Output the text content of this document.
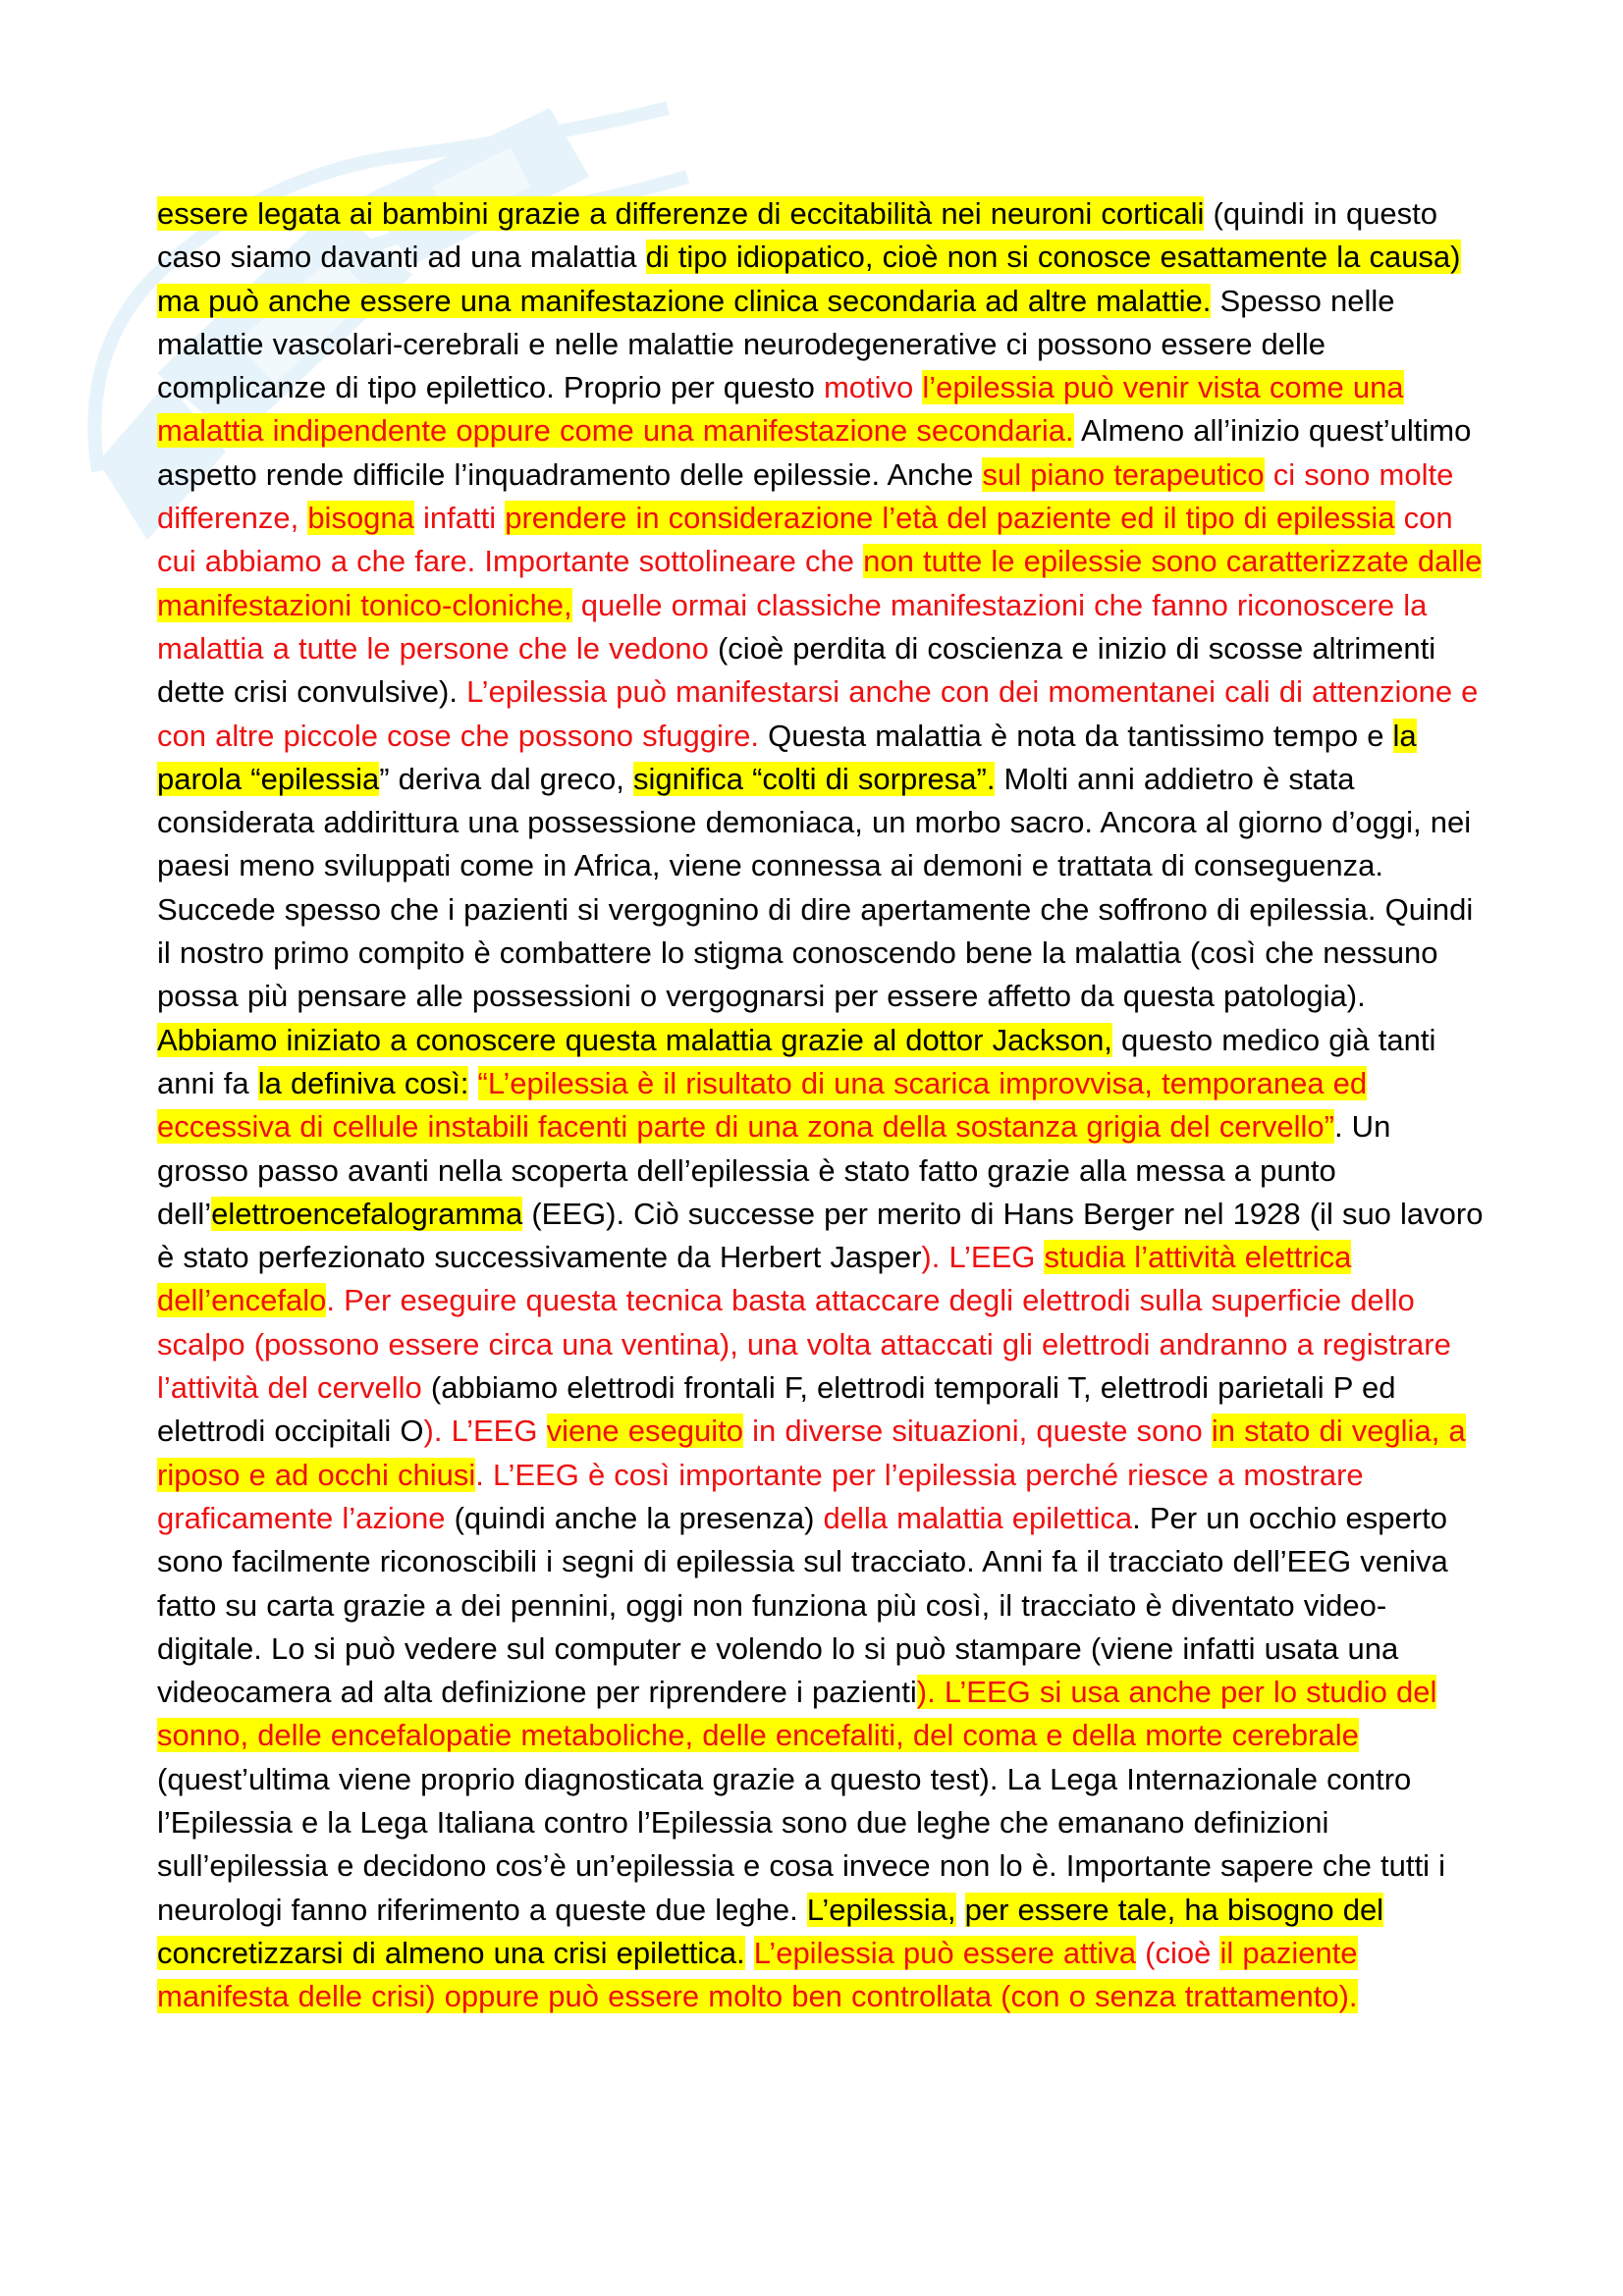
essere legata ai bambini grazie a differenze di eccitabilità nei neuroni corticali (quindi in questo caso siamo davanti ad una malattia di tipo idiopatico, cioè non si conosce esattamente la causa) ma può anche essere una manifestazione clinica secondaria ad altre malattie. Spesso nelle malattie vascolari-cerebrali e nelle malattie neurodegenerative ci possono essere delle complicanze di tipo epilettico. Proprio per questo motivo l’epilessia può venir vista come una malattia indipendente oppure come una manifestazione secondaria. Almeno all’inizio quest’ultimo aspetto rende difficile l’inquadramento delle epilessie. Anche sul piano terapeutico ci sono molte differenze, bisogna infatti prendere in considerazione l’età del paziente ed il tipo di epilessia con cui abbiamo a che fare. Importante sottolineare che non tutte le epilessie sono caratterizzate dalle manifestazioni tonico-cloniche, quelle ormai classiche manifestazioni che fanno riconoscere la malattia a tutte le persone che le vedono (cioè perdita di coscienza e inizio di scosse altrimenti dette crisi convulsive). L’epilessia può manifestarsi anche con dei momentanei cali di attenzione e con altre piccole cose che possono sfuggire. Questa malattia è nota da tantissimo tempo e la parola “epilessia” deriva dal greco, significa “colti di sorpresa”. Molti anni addietro è stata considerata addirittura una possessione demoniaca, un morbo sacro. Ancora al giorno d’oggi, nei paesi meno sviluppati come in Africa, viene connessa ai demoni e trattata di conseguenza. Succede spesso che i pazienti si vergognino di dire apertamente che soffrono di epilessia. Quindi il nostro primo compito è combattere lo stigma conoscendo bene la malattia (così che nessuno possa più pensare alle possessioni o vergognarsi per essere affetto da questa patologia). Abbiamo iniziato a conoscere questa malattia grazie al dottor Jackson, questo medico già tanti anni fa la definiva così: “L’epilessia è il risultato di una scarica improvvisa, temporanea ed eccessiva di cellule instabili facenti parte di una zona della sostanza grigia del cervello”. Un grosso passo avanti nella scoperta dell’epilessia è stato fatto grazie alla messa a punto dell’elettroencefalogramma (EEG). Ciò successe per merito di Hans Berger nel 1928 (il suo lavoro è stato perfezionato successivamente da Herbert Jasper). L’EEG studia l’attività elettrica dell’encefalo. Per eseguire questa tecnica basta attaccare degli elettrodi sulla superficie dello scalpo (possono essere circa una ventina), una volta attaccati gli elettrodi andranno a registrare l’attività del cervello (abbiamo elettrodi frontali F, elettrodi temporali T, elettrodi parietali P ed elettrodi occipitali O). L’EEG viene eseguito in diverse situazioni, queste sono in stato di veglia, a riposo e ad occhi chiusi. L’EEG è così importante per l’epilessia perché riesce a mostrare graficamente l’azione (quindi anche la presenza) della malattia epilettica. Per un occhio esperto sono facilmente riconoscibili i segni di epilessia sul tracciato. Anni fa il tracciato dell’EEG veniva fatto su carta grazie a dei pennini, oggi non funziona più così, il tracciato è diventato video-digitale. Lo si può vedere sul computer e volendo lo si può stampare (viene infatti usata una videocamera ad alta definizione per riprendere i pazienti). L’EEG si usa anche per lo studio del sonno, delle encefalopatie metaboliche, delle encefaliti, del coma e della morte cerebrale (quest’ultima viene proprio diagnosticata grazie a questo test). La Lega Internazionale contro l’Epilessia e la Lega Italiana contro l’Epilessia sono due leghe che emanano definizioni sull’epilessia e decidono cos’è un’epilessia e cosa invece non lo è. Importante sapere che tutti i neurologi fanno riferimento a queste due leghe. L’epilessia, per essere tale, ha bisogno del concretizzarsi di almeno una crisi epilettica. L’epilessia può essere attiva (cioè il paziente manifesta delle crisi) oppure può essere molto ben controllata (con o senza trattamento).
